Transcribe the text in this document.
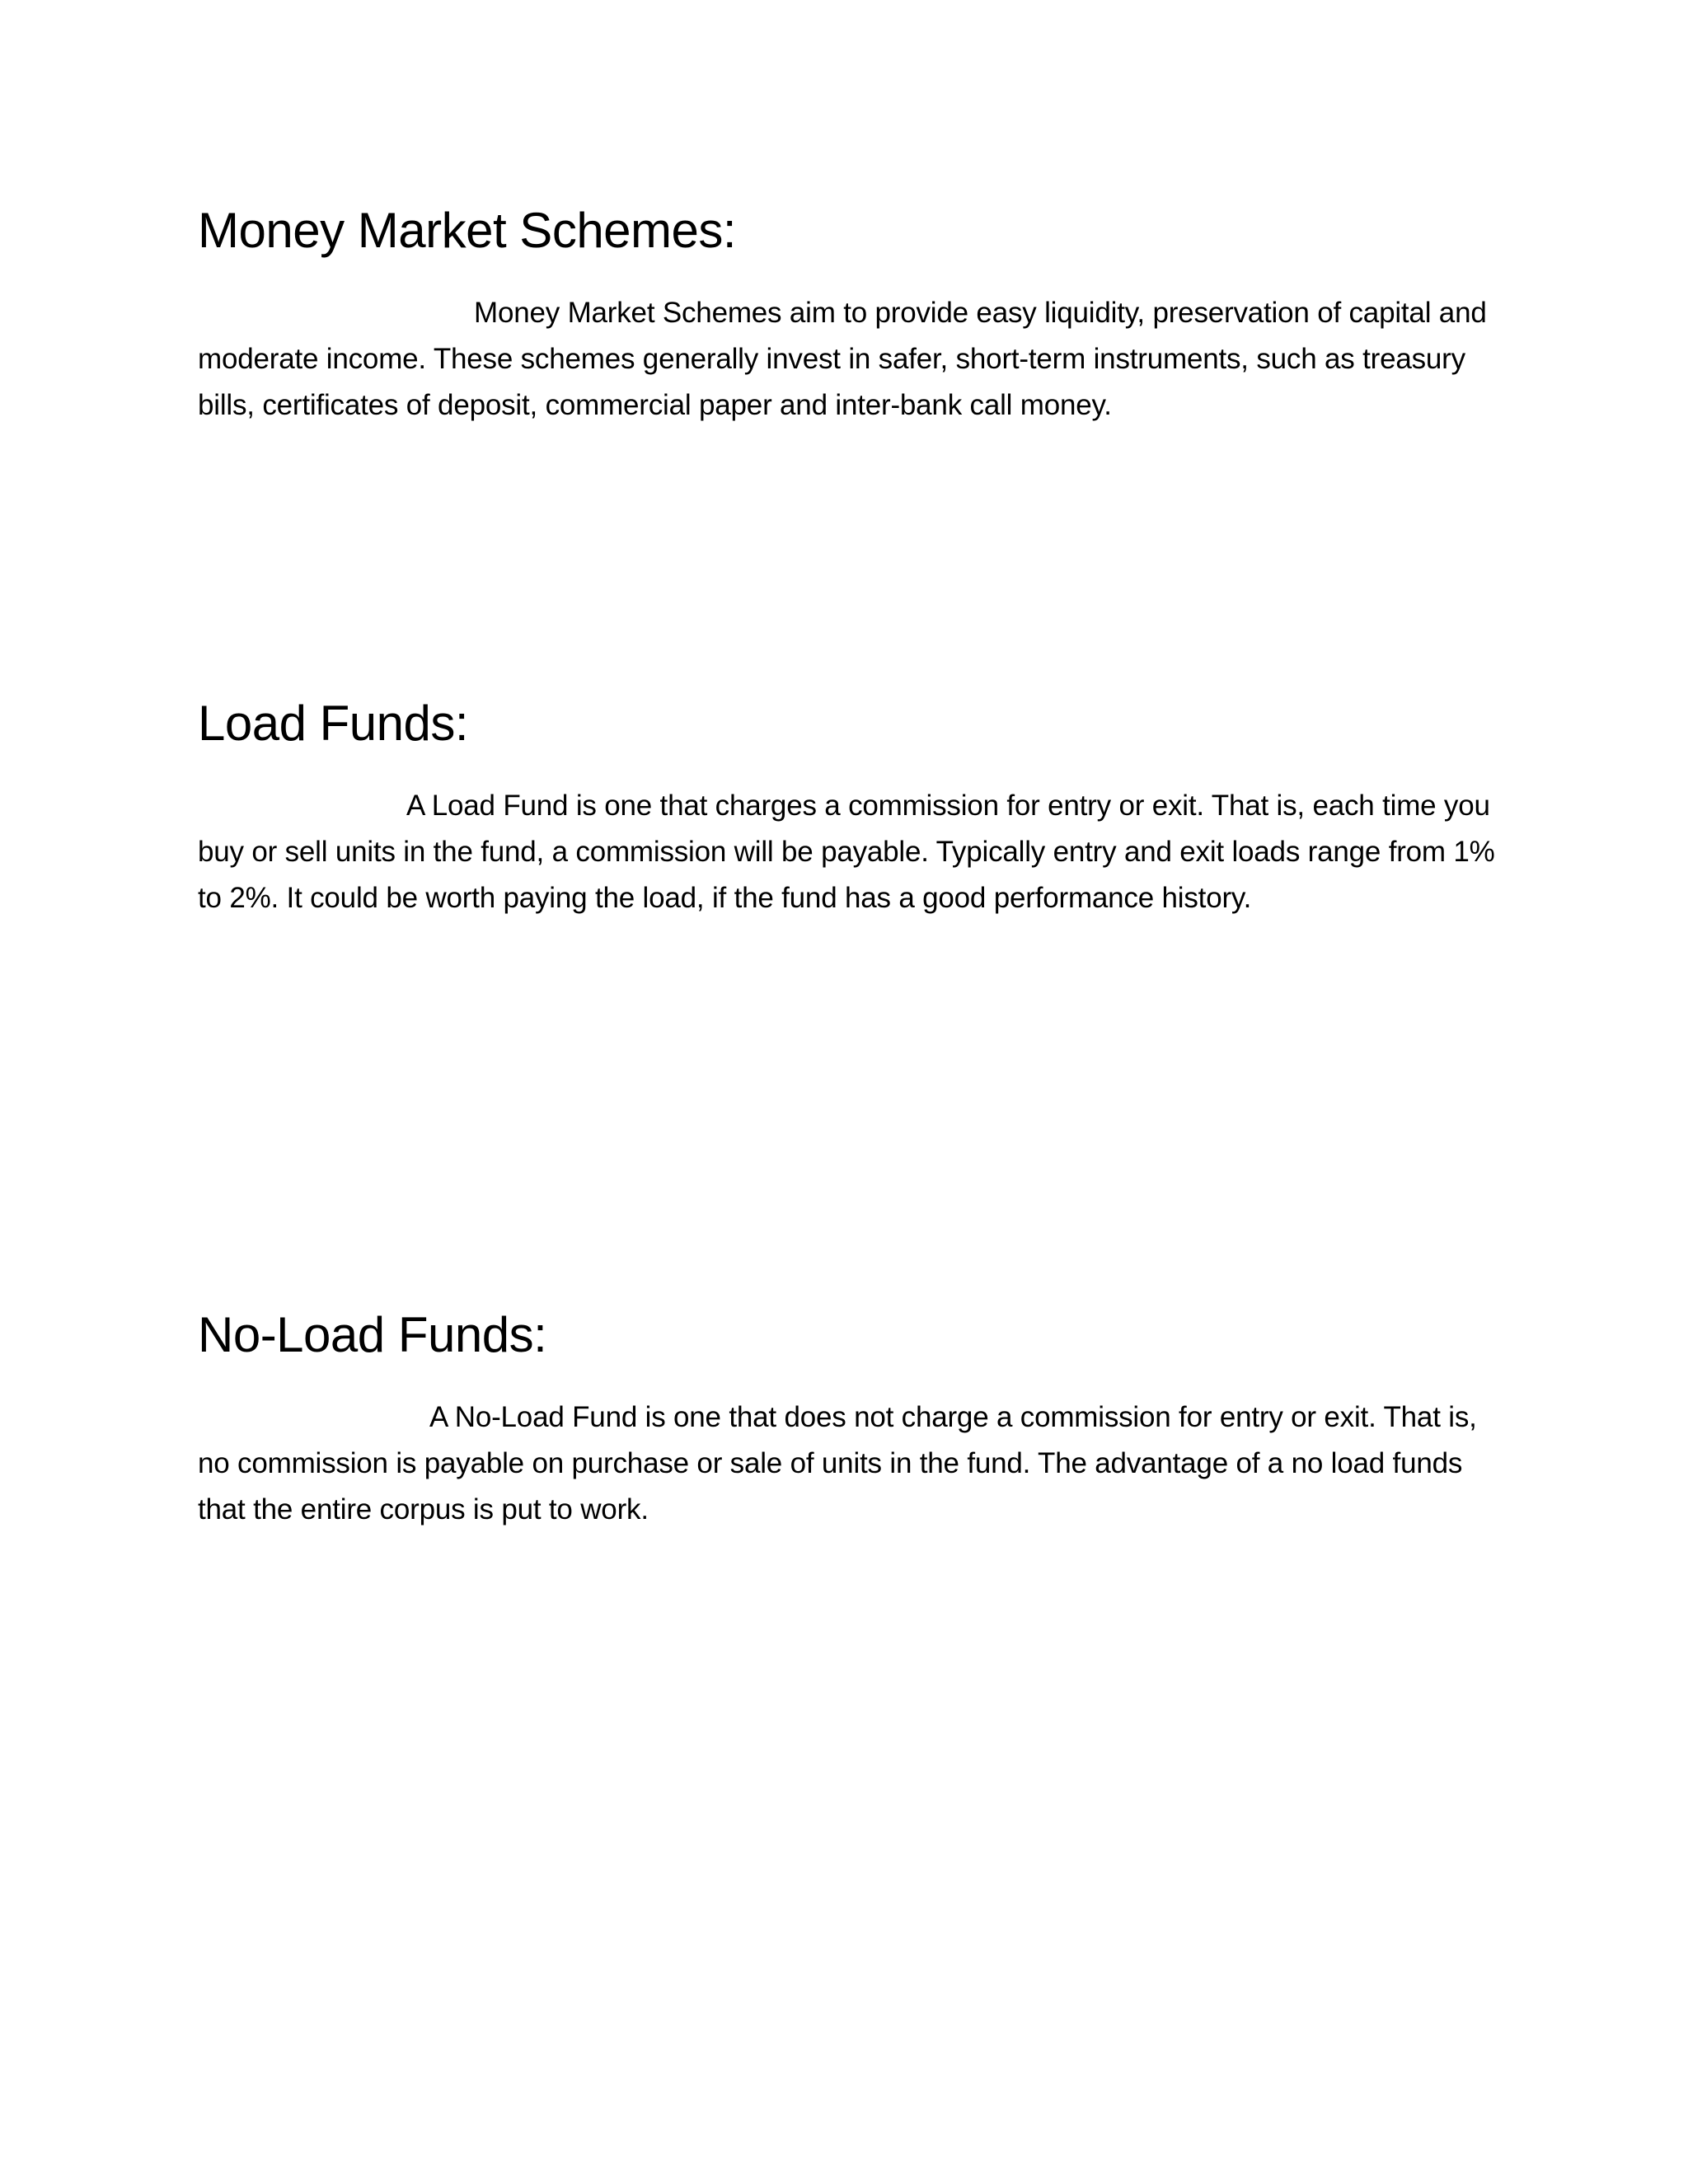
Money Market Schemes:

Money Market Schemes aim to provide easy liquidity, preservation of capital and moderate income. These schemes generally invest in safer, short-term instruments, such as treasury bills, certificates of deposit, commercial paper and inter-bank call money.

Load Funds:

A Load Fund is one that charges a commission for entry or exit. That is, each time you buy or sell units in the fund, a commission will be payable. Typically entry and exit loads range from 1% to 2%. It could be worth paying the load, if the fund has a good performance history.

No-Load Funds:

A No-Load Fund is one that does not charge a commission for entry or exit. That is, no commission is payable on purchase or sale of units in the fund. The advantage of a no load funds that the entire corpus is put to work.
